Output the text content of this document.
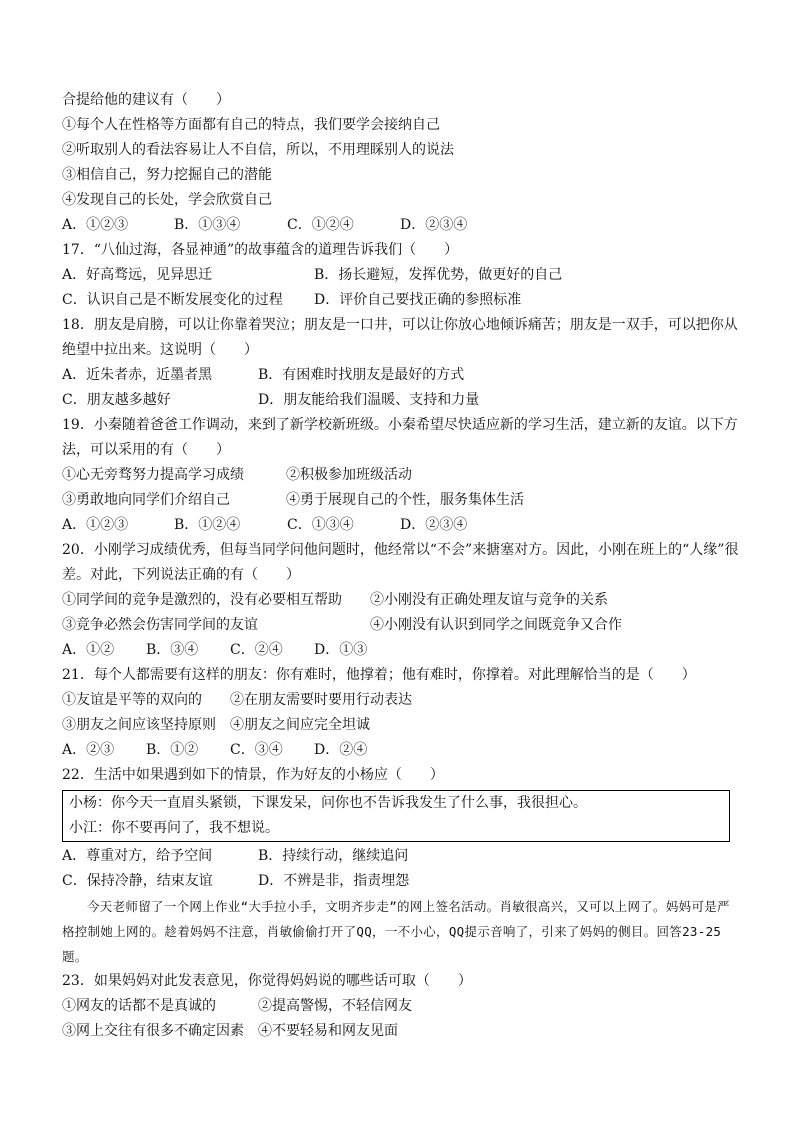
合提给他的建议有（　　）
①每个人在性格等方面都有自己的特点，我们要学会接纳自己
②听取别人的看法容易让人不自信，所以，不用理睬别人的说法
③相信自己，努力挖掘自己的潜能
④发现自己的长处，学会欣赏自己
A．①②③	B．①③④	C．①②④	D．②③④
17．“八仙过海，各显神通”的故事蕴含的道理告诉我们（　　）
A．好高骛远，见异思迁	B．扬长避短，发挥优势，做更好的自己
C．认识自己是不断发展变化的过程 D．评价自己要找正确的参照标准
18．朋友是肩膀，可以让你靠着哭泣；朋友是一口井，可以让你放心地倾诉痛苦；朋友是一双手，可以把你从绝望中拉出来。这说明（　　）
A．近朱者赤，近墨者黑	B．有困难时找朋友是最好的方式
C．朋友越多越好	D．朋友能给我们温暖、支持和力量
19．小秦随着爸爸工作调动，来到了新学校新班级。小秦希望尽快适应新的学习生活，建立新的友谊。以下方法，可以采用的有（　　）
①心无旁骛努力提高学习成绩	②积极参加班级活动
③勇敢地向同学们介绍自己	④勇于展现自己的个性，服务集体生活
A．①②③	B．①②④	C．①③④	D．②③④
20．小刚学习成绩优秀，但每当同学问他问题时，他经常以“不会”来搪塞对方。因此，小刚在班上的“人缘”很差。对此，下列说法正确的有（　　）
①同学间的竞争是激烈的，没有必要相互帮助 ②小刚没有正确处理友谊与竞争的关系
③竞争必然会伤害同学间的友谊	④小刚没有认识到同学之间既竞争又合作
A．①② B．③④ C．②④ D．①③
21．每个人都需要有这样的朋友：你有难时，他撑着；他有难时，你撑着。对此理解恰当的是（　　）
①友谊是平等的双向的 ②在朋友需要时要用行动表达
③朋友之间应该坚持原则 ④朋友之间应完全坦诚
A．②③ B．①② C．③④ D．②④
22．生活中如果遇到如下的情景，作为好友的小杨应（　　）
小杨：你今天一直眉头紧锁，下课发呆，问你也不告诉我发生了什么事，我很担心。
小江：你不要再问了，我不想说。
A．尊重对方，给予空间	B．持续行动，继续追问
C．保持冷静，结束友谊	D．不辨是非，指责埋怨
今天老师留了一个网上作业“大手拉小手，文明齐步走”的网上签名活动。肖敏很高兴，又可以上网了。妈妈可是严格控制她上网的。趁着妈妈不注意，肖敏偷偷打开了QQ，一不小心，QQ提示音响了，引来了妈妈的侧目。回答23-25题。
23．如果妈妈对此发表意见，你觉得妈妈说的哪些话可取（　　）
①网友的话都不是真诚的	②提高警惕，不轻信网友
③网上交往有很多不确定因素 ④不要轻易和网友见面
